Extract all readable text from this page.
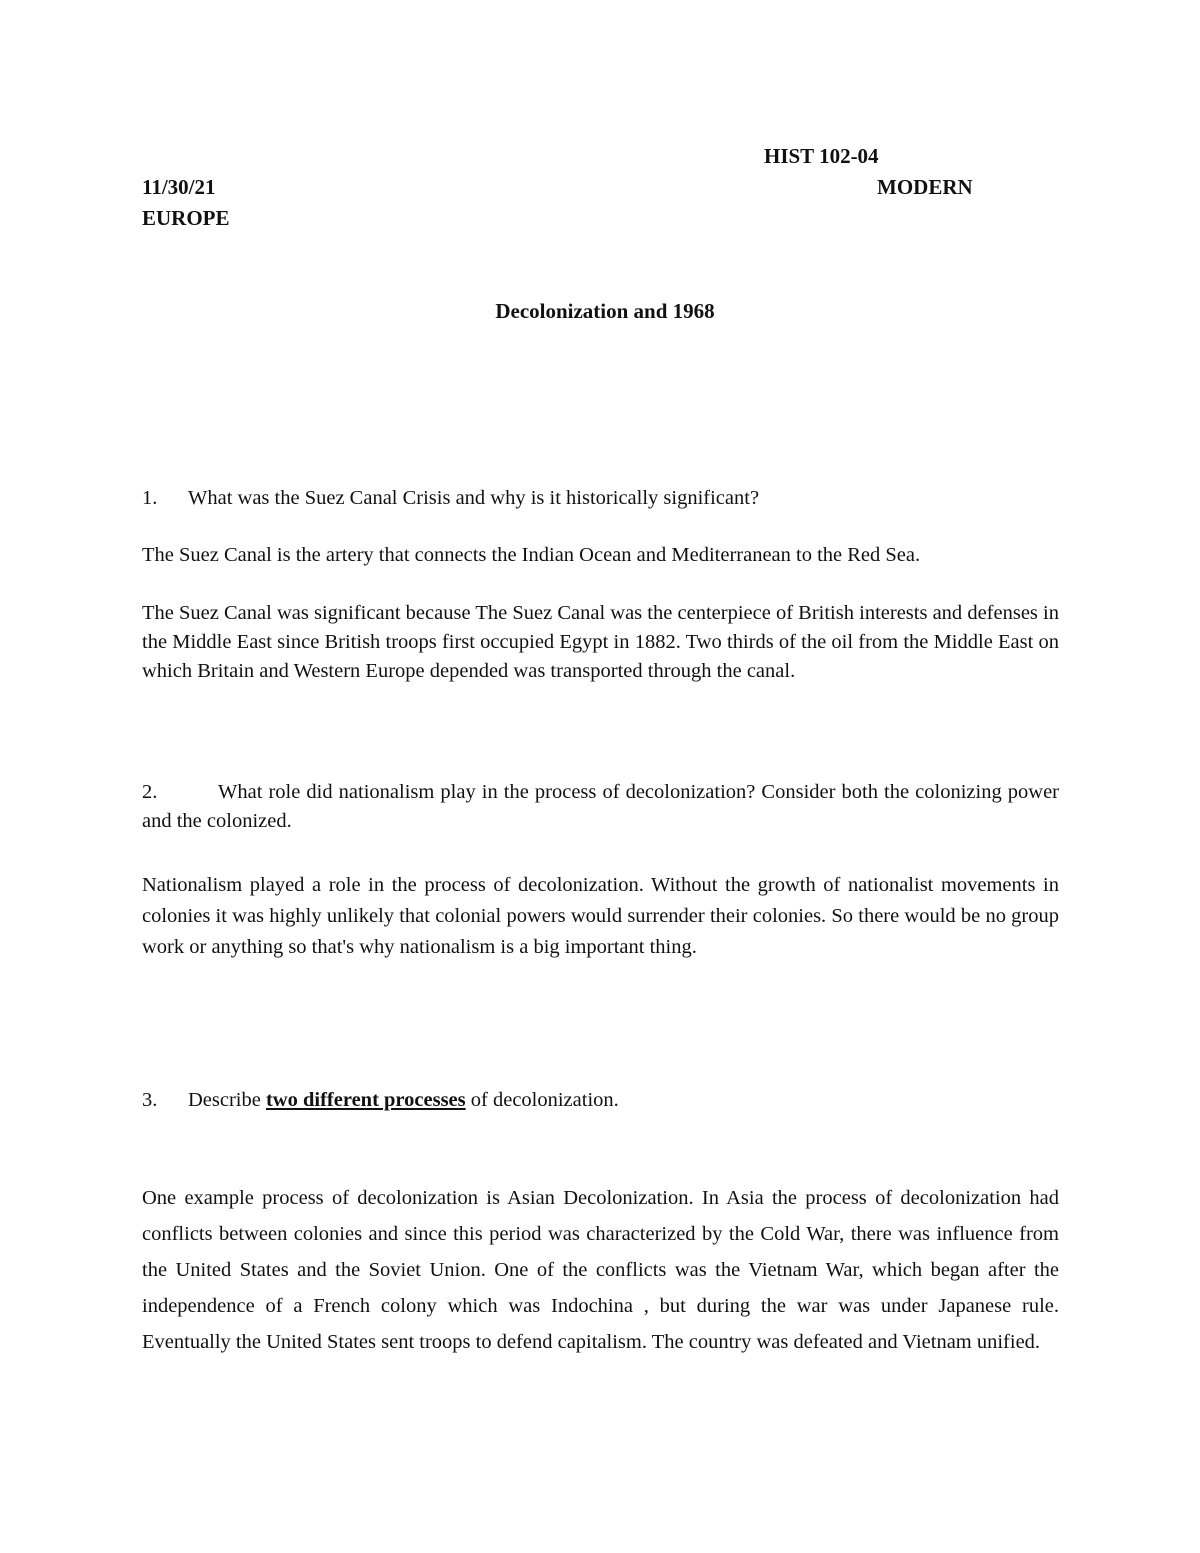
HIST 102-04
11/30/21	MODERN
EUROPE
Decolonization and 1968
1. What was the Suez Canal Crisis and why is it historically significant?
The Suez Canal is the artery that connects the Indian Ocean and Mediterranean to the Red Sea.
The Suez Canal was significant because The Suez Canal was the centerpiece of British interests and defenses in the Middle East since British troops first occupied Egypt in 1882. Two thirds of the oil from the Middle East on which Britain and Western Europe depended was transported through the canal.
2.	What role did nationalism play in the process of decolonization? Consider both the colonizing power and the colonized.
Nationalism played a role in the process of decolonization. Without the growth of nationalist movements in colonies it was highly unlikely that colonial powers would surrender their colonies. So there would be no group work or anything so that's why nationalism is a big important thing.
3. Describe two different processes of decolonization.
One example process of decolonization is Asian Decolonization. In Asia the process of decolonization had conflicts between colonies and since this period was characterized by the Cold War, there was influence from the United States and the Soviet Union. One of the conflicts was the Vietnam War, which began after the independence of a French colony which was Indochina , but during the war was under Japanese rule. Eventually the United States sent troops to defend capitalism. The country was defeated and Vietnam unified.
